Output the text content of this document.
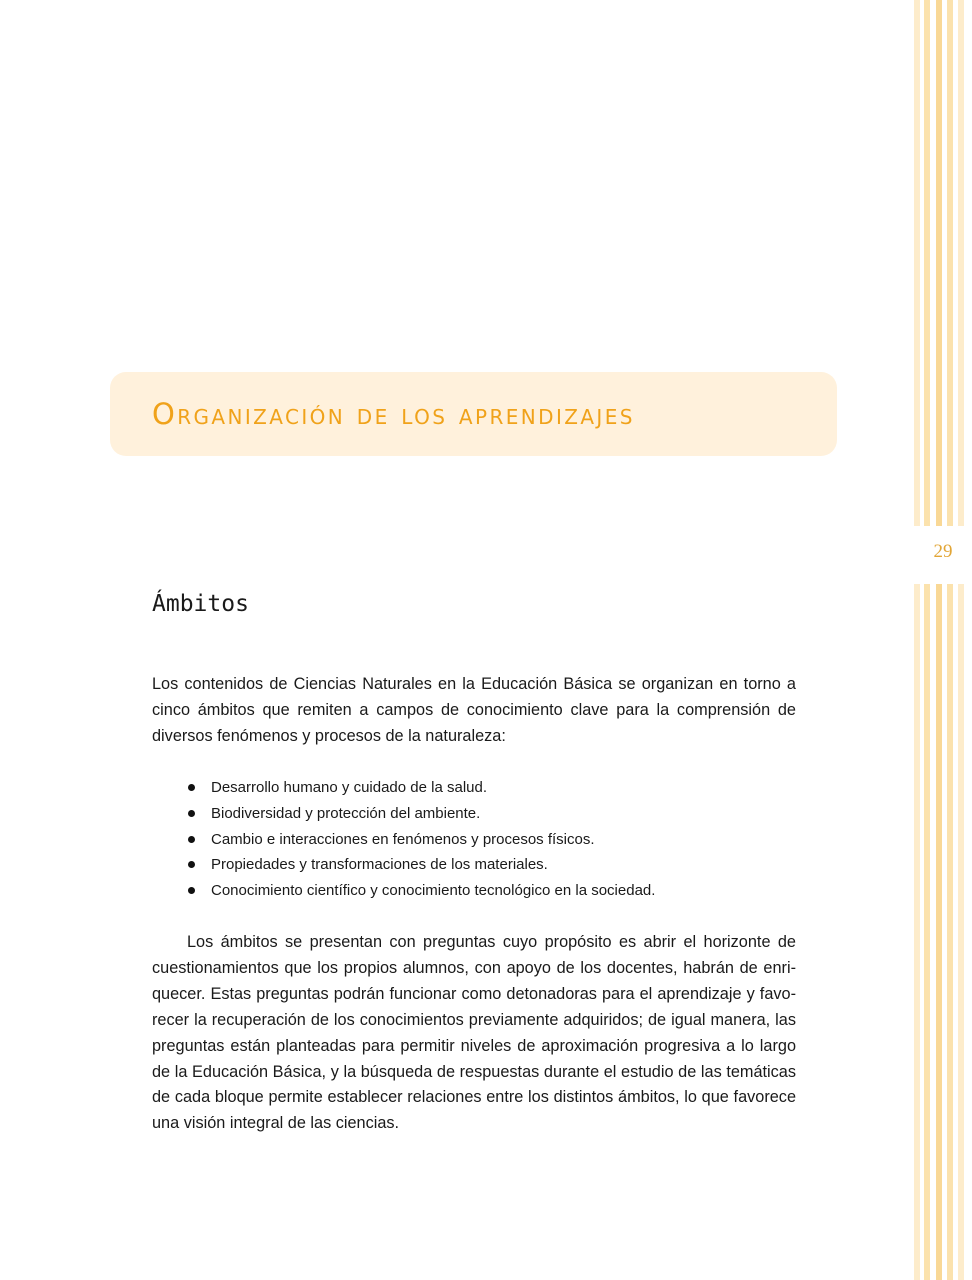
29
Organización de los aprendizajes
Ámbitos

Los contenidos de Ciencias Naturales en la Educación Básica se organizan en torno a cinco ámbitos que remiten a campos de conocimiento clave para la comprensión de diversos fenómenos y procesos de la naturaleza:

Desarrollo humano y cuidado de la salud.
Biodiversidad y protección del ambiente.
Cambio e interacciones en fenómenos y procesos físicos.
Propiedades y transformaciones de los materiales.
Conocimiento científico y conocimiento tecnológico en la sociedad.

Los ámbitos se presentan con preguntas cuyo propósito es abrir el horizonte de cuestionamientos que los propios alumnos, con apoyo de los docentes, habrán de enriquecer. Estas preguntas podrán funcionar como detonadoras para el aprendizaje y favorecer la recuperación de los conocimientos previamente adquiridos; de igual manera, las preguntas están planteadas para permitir niveles de aproximación progresiva a lo largo de la Educación Básica, y la búsqueda de respuestas durante el estudio de las temáticas de cada bloque permite establecer relaciones entre los distintos ámbitos, lo que favorece una visión integral de las ciencias.
